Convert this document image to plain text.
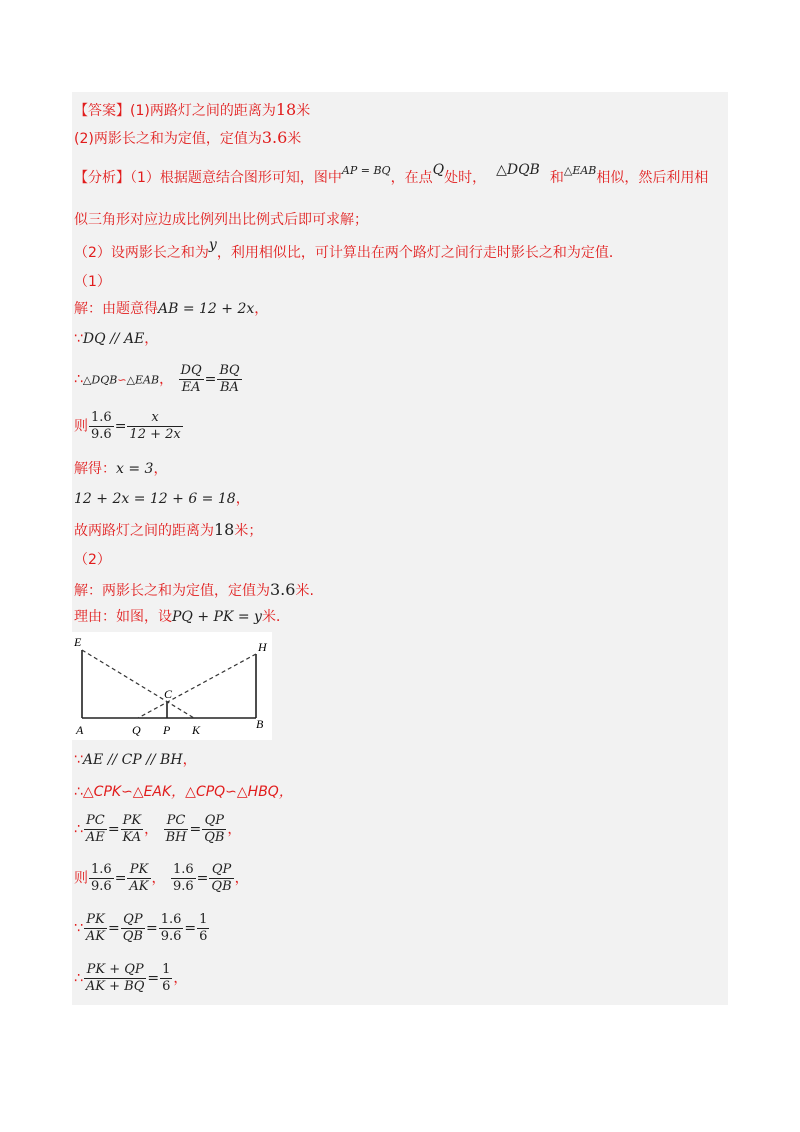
【答案】(1)两路灯之间的距离为18米
(2)两影长之和为定值，定值为3.6米
【分析】（1）根据题意结合图形可知，图中$^{AP = BQ}$，在点Q处时， △DQB 和$^{\triangle EAB}$相似，然后利用相
似三角形对应边成比例列出比例式后即可求解；
（2）设两影长之和为y，利用相似比，可计算出在两个路灯之间行走时影长之和为定值．
（1）
解：由题意得AB = 12 + 2x，
∵DQ // AE，
∴△DQB∽△EAB， $\frac{DQ}{EA} = \frac{BQ}{BA}$
则 $\frac{1.6}{9.6} = \frac{x}{12 + 2x}$
解得：x = 3，
12 + 2x = 12 + 6 = 18，
故两路灯之间的距离为18米；
（2）
解：两影长之和为定值，定值为3.6米.
理由：如图，设PQ + PK = y米．
E	H
C
A	Q P K	B
∵AE // CP // BH，
∴△CPK∽△EAK，△CPQ∽△HBQ，
∴ $\frac{PC}{AE} = \frac{PK}{KA}$ ， $\frac{PC}{BH} = \frac{QP}{QB}$ ，
则 $\frac{1.6}{9.6} = \frac{PK}{AK}$ ， $\frac{1.6}{9.6} = \frac{QP}{QB}$ ，
∵ $\frac{PK}{AK} = \frac{QP}{QB} = \frac{1.6}{9.6} = \frac{1}{6}$
∴ $\frac{PK + QP}{AK + BQ} = \frac{1}{6}$ ，
